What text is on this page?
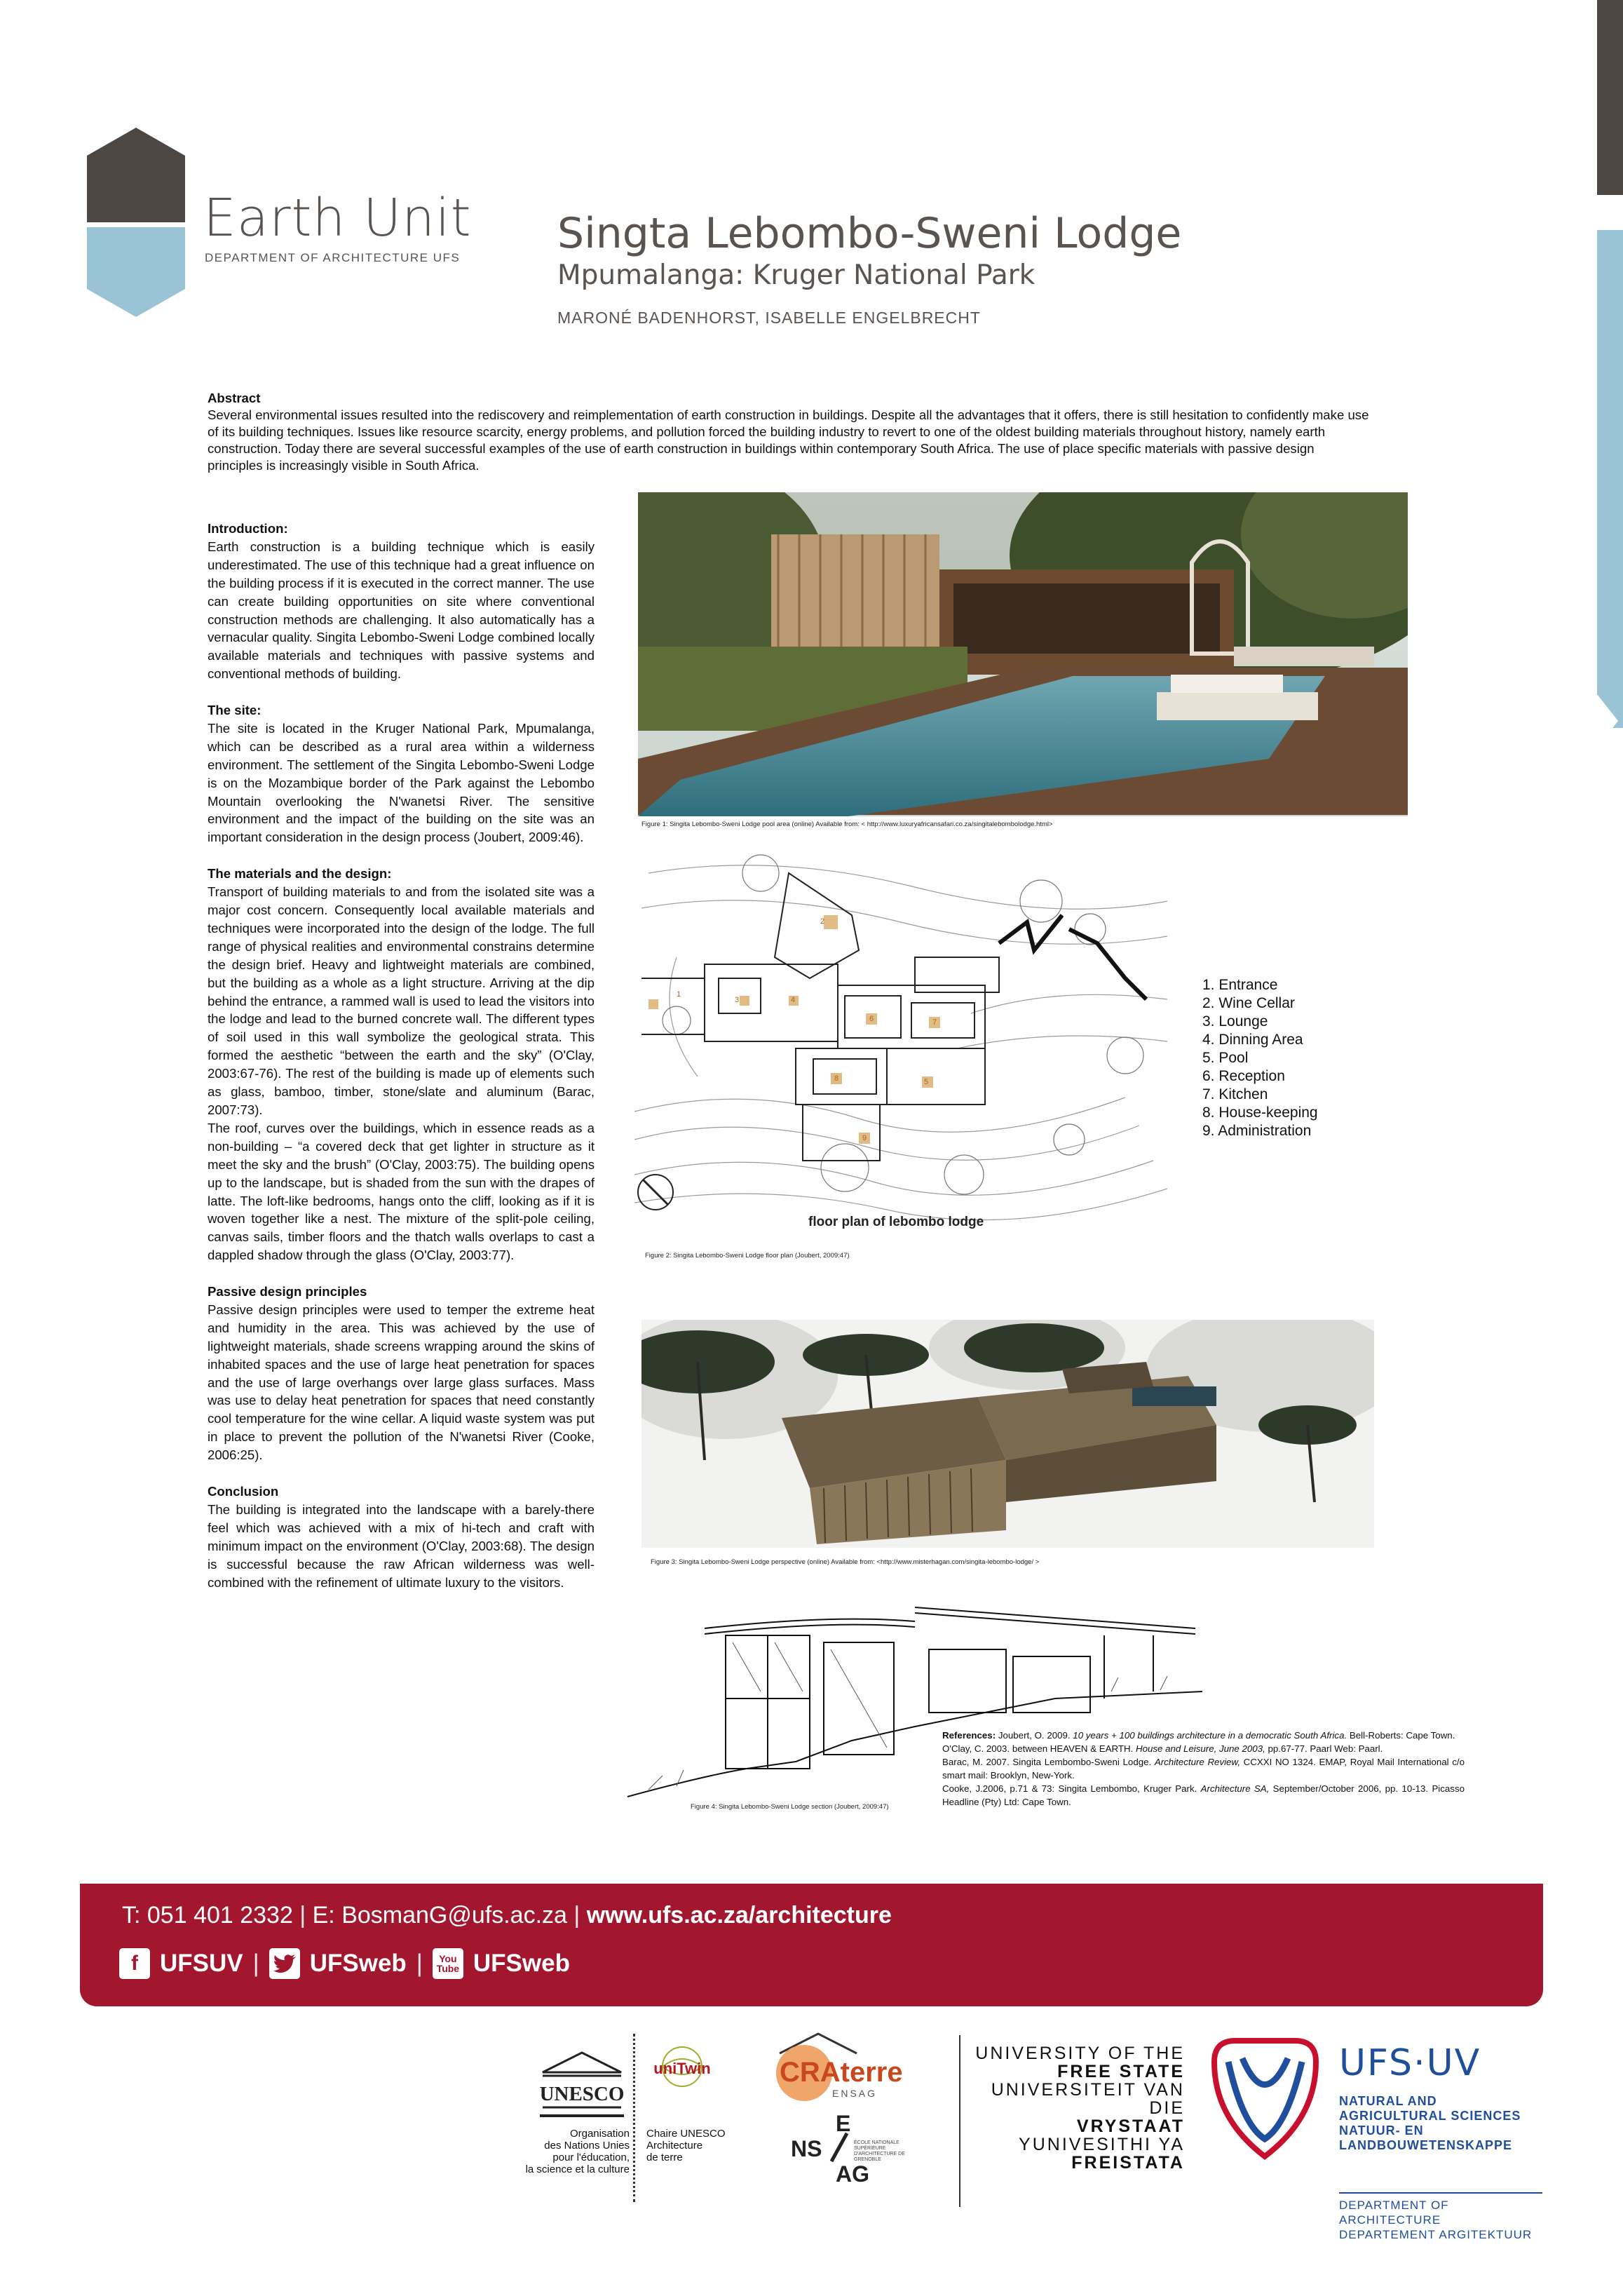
Earth Unit
DEPARTMENT OF ARCHITECTURE UFS Singta Lebombo-Sweni Lodge
Mpumalanga: Kruger National Park
MARONÉ BADENHORST, ISABELLE ENGELBRECHT
Abstract
Several environmental issues resulted into the rediscovery and reimplementation of earth construction in buildings. Despite all the advantages that it offers, there is still hesitation to confidently make use of its building techniques. Issues like resource scarcity, energy problems, and pollution forced the building industry to revert to one of the oldest building materials throughout history, namely earth construction. Today there are several successful examples of the use of earth construction in buildings within contemporary South Africa. The use of place specific materials with passive design principles is increasingly visible in South Africa.
Introduction:

Earth construction is a building technique which is easily underestimated. The use of this technique had a great influence on the building process if it is executed in the correct manner. The use can create building opportunities on site where conventional construction methods are challenging. It also automatically has a vernacular quality. Singita Lebombo-Sweni Lodge combined locally available materials and techniques with passive systems and conventional methods of building.

The site:

The site is located in the Kruger National Park, Mpumalanga, which can be described as a rural area within a wilderness environment. The settlement of the Singita Lebombo-Sweni Lodge is on the Mozambique border of the Park against the Lebombo Mountain overlooking the N'wanetsi River. The sensitive environment and the impact of the building on the site was an important consideration in the design process (Joubert, 2009:46).

The materials and the design:

Transport of building materials to and from the isolated site was a major cost concern. Consequently local available materials and techniques were incorporated into the design of the lodge. The full range of physical realities and environmental constrains determine the design brief. Heavy and lightweight materials are combined, but the building as a whole as a light structure. Arriving at the dip behind the entrance, a rammed wall is used to lead the visitors into the lodge and lead to the burned concrete wall. The different types of soil used in this wall symbolize the geological strata. This formed the aesthetic “between the earth and the sky” (O'Clay, 2003:67-76). The rest of the building is made up of elements such as glass, bamboo, timber, stone/slate and aluminum (Barac, 2007:73).

The roof, curves over the buildings, which in essence reads as a non-building – “a covered deck that get lighter in structure as it meet the sky and the brush” (O'Clay, 2003:75). The building opens up to the landscape, but is shaded from the sun with the drapes of latte. The loft-like bedrooms, hangs onto the cliff, looking as if it is woven together like a nest. The mixture of the split-pole ceiling, canvas sails, timber floors and the thatch walls overlaps to cast a dappled shadow through the glass (O'Clay, 2003:77).

Passive design principles

Passive design principles were used to temper the extreme heat and humidity in the area. This was achieved by the use of lightweight materials, shade screens wrapping around the skins of inhabited spaces and the use of large heat penetration for spaces and the use of large overhangs over large glass surfaces. Mass was use to delay heat penetration for spaces that need constantly cool temperature for the wine cellar. A liquid waste system was put in place to prevent the pollution of the N'wanetsi River (Cooke, 2006:25).

Conclusion

The building is integrated into the landscape with a barely-there feel which was achieved with a mix of hi-tech and craft with minimum impact on the environment (O'Clay, 2003:68). The design is successful because the raw African wilderness was well-combined with the refinement of ultimate luxury to the visitors.

Figure 1: Singita Lebombo-Sweni Lodge pool area (online) Available from: < http://www.luxuryafricansafari.co.za/singitalebombolodge.html>
floor plan of lebombo lodge
Figure 2: Singita Lebombo-Sweni Lodge floor plan (Joubert, 2009:47)
2
1
3	4
6	7
8	5
9
1. Entrance
2. Wine Cellar
3. Lounge
4. Dinning Area
5. Pool
6. Reception
7. Kitchen
8. House-keeping
9. Administration
Figure 3: Singita Lebombo-Sweni Lodge perspective (online) Available from: <http://www.misterhagan.com/singita-lebombo-lodge/ >
Figure 4: Singita Lebombo-Sweni Lodge section (Joubert, 2009:47)

References: Joubert, O. 2009. 10 years + 100 buildings architecture in a democratic South Africa. Bell-Roberts: Cape Town.

O'Clay, C. 2003. between HEAVEN & EARTH. House and Leisure, June 2003, pp.67-77. Paarl Web: Paarl.

Barac, M. 2007. Singita Lembombo-Sweni Lodge. Architecture Review, CCXXI NO 1324. EMAP, Royal Mail International c/o smart mail: Brooklyn, New-York.

Cooke, J.2006, p.71 & 73: Singita Lembombo, Kruger Park. Architecture SA, September/October 2006, pp. 10-13. Picasso Headline (Pty) Ltd: Cape Town.

T: 051 401 2332 | E: BosmanG@ufs.ac.za | www.ufs.ac.za/architecture
f UFSUV | UFSweb | You
Tube UFSweb
UNESCO
Organisation
des Nations Unies
pour l'éducation,
la science et la culture
uniTwin
Chaire UNESCO
Architecture
de terre
CRAterre
ENSAG
E
NS
AG
ÉCOLE NATIONALE SUPÉRIEURE D'ARCHITECTURE DE GRENOBLE
UNIVERSITY OF THE
FREE STATE
UNIVERSITEIT VAN DIE
VRYSTAAT
YUNIVESITHI YA
FREISTATA
UFS·UV
NATURAL AND
AGRICULTURAL SCIENCES
NATUUR- EN
LANDBOUWETENSKAPPE
DEPARTMENT OF ARCHITECTURE
DEPARTEMENT ARGITEKTUUR
